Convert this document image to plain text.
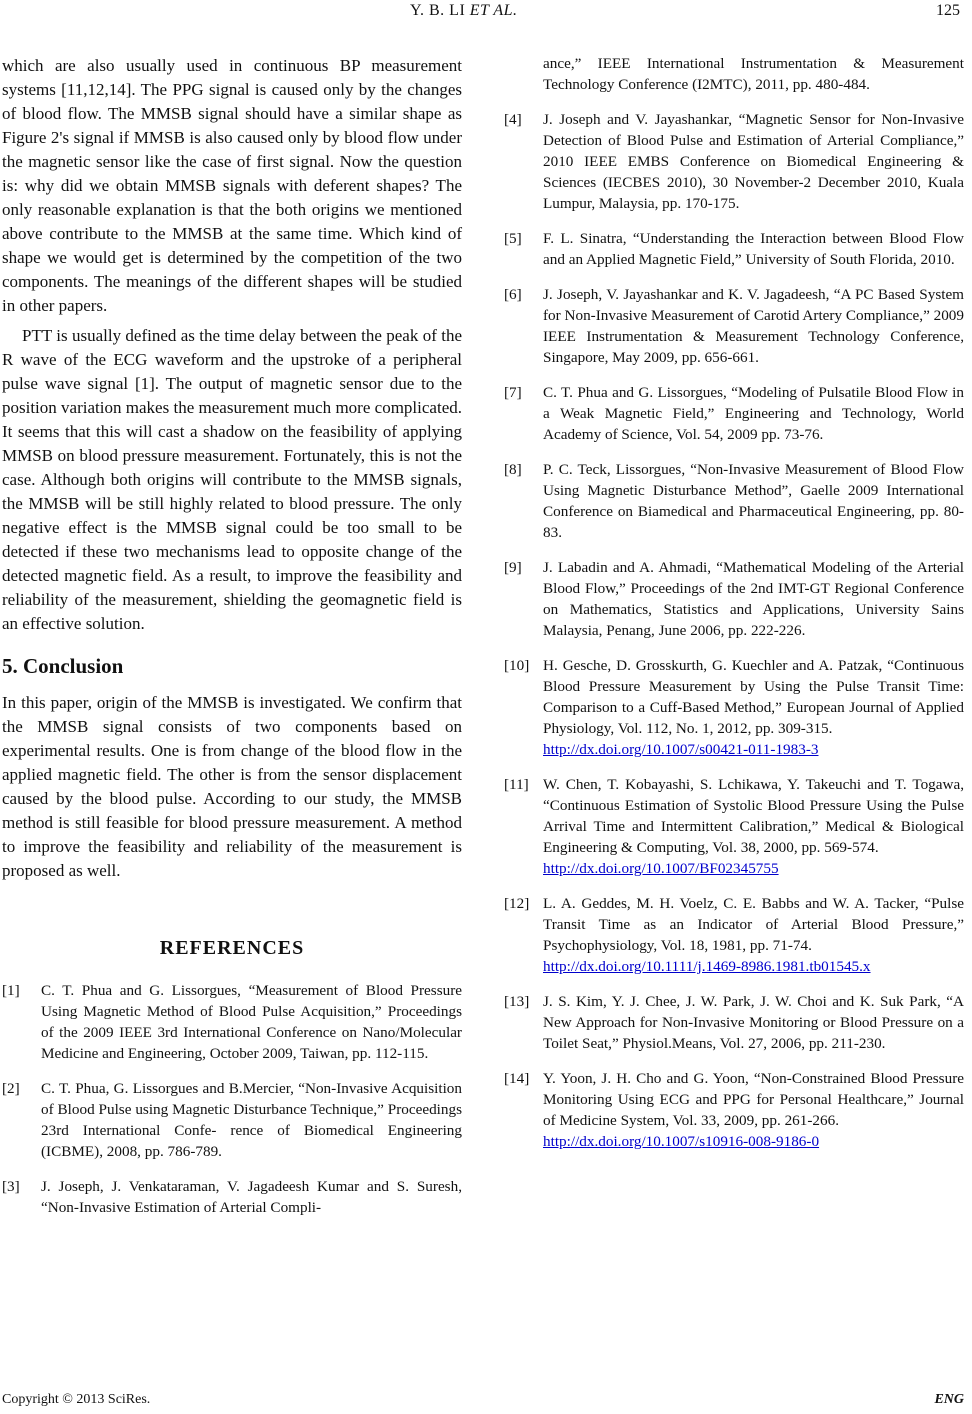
Y. B. LI ET AL.	125

which are also usually used in continuous BP measurement systems [11,12,14]. The PPG signal is caused only by the changes of blood flow. The MMSB signal should have a similar shape as Figure 2's signal if MMSB is also caused only by blood flow under the magnetic sensor like the case of first signal. Now the question is: why did we obtain MMSB signals with deferent shapes? The only reasonable explanation is that the both origins we mentioned above contribute to the MMSB at the same time. Which kind of shape we would get is determined by the competition of the two components. The meanings of the different shapes will be studied in other papers.

PTT is usually defined as the time delay between the peak of the R wave of the ECG waveform and the upstroke of a peripheral pulse wave signal [1]. The output of magnetic sensor due to the position variation makes the measurement much more complicated. It seems that this will cast a shadow on the feasibility of applying MMSB on blood pressure measurement. Fortunately, this is not the case. Although both origins will contribute to the MMSB signals, the MMSB will be still highly related to blood pressure. The only negative effect is the MMSB signal could be too small to be detected if these two mechanisms lead to opposite change of the detected magnetic field. As a result, to improve the feasibility and reliability of the measurement, shielding the geomagnetic field is an effective solution.

5. Conclusion

In this paper, origin of the MMSB is investigated. We confirm that the MMSB signal consists of two components based on experimental results. One is from change of the blood flow in the applied magnetic field. The other is from the sensor displacement caused by the blood pulse. According to our study, the MMSB method is still feasible for blood pressure measurement. A method to improve the feasibility and reliability of the measurement is proposed as well.

REFERENCES
[1]	C. T. Phua and G. Lissorgues, “Measurement of Blood Pressure Using Magnetic Method of Blood Pulse Acquisition,” Proceedings of the 2009 IEEE 3rd International Conference on Nano/Molecular Medicine and Engineering, October 2009, Taiwan, pp. 112-115.
[2]	C. T. Phua, G. Lissorgues and B.Mercier, “Non-Invasive Acquisition of Blood Pulse using Magnetic Disturbance Technique,” Proceedings 23rd International Confe- rence of Biomedical Engineering (ICBME), 2008, pp. 786-789.
[3]	J. Joseph, J. Venkataraman, V. Jagadeesh Kumar and S. Suresh, “Non-Invasive Estimation of Arterial Compli-
ance,” IEEE International Instrumentation & Measurement Technology Conference (I2MTC), 2011, pp. 480-484.
[4]	J. Joseph and V. Jayashankar, “Magnetic Sensor for Non-Invasive Detection of Blood Pulse and Estimation of Arterial Compliance,” 2010 IEEE EMBS Conference on Biomedical Engineering & Sciences (IECBES 2010), 30 November-2 December 2010, Kuala Lumpur, Malaysia, pp. 170-175.
[5]	F. L. Sinatra, “Understanding the Interaction between Blood Flow and an Applied Magnetic Field,” University of South Florida, 2010.
[6]	J. Joseph, V. Jayashankar and K. V. Jagadeesh, “A PC Based System for Non-Invasive Measurement of Carotid Artery Compliance,” 2009 IEEE Instrumentation & Measurement Technology Conference, Singapore, May 2009, pp. 656-661.
[7]	C. T. Phua and G. Lissorgues, “Modeling of Pulsatile Blood Flow in a Weak Magnetic Field,” Engineering and Technology, World Academy of Science, Vol. 54, 2009 pp. 73-76.
[8]	P. C. Teck, Lissorgues, “Non-Invasive Measurement of Blood Flow Using Magnetic Disturbance Method”, Gaelle 2009 International Conference on Biamedical and Pharmaceutical Engineering, pp. 80-83.
[9]	J. Labadin and A. Ahmadi, “Mathematical Modeling of the Arterial Blood Flow,” Proceedings of the 2nd IMT-GT Regional Conference on Mathematics, Statistics and Applications, University Sains Malaysia, Penang, June 2006, pp. 222-226.
[10] H. Gesche, D. Grosskurth, G. Kuechler and A. Patzak, “Continuous Blood Pressure Measurement by Using the Pulse Transit Time: Comparison to a Cuff-Based Method,” European Journal of Applied Physiology, Vol. 112, No. 1, 2012, pp. 309-315.
http://dx.doi.org/10.1007/s00421-011-1983-3
[11] W. Chen, T. Kobayashi, S. Lchikawa, Y. Takeuchi and T. Togawa, “Continuous Estimation of Systolic Blood Pressure Using the Pulse Arrival Time and Intermittent Calibration,” Medical & Biological Engineering & Computing, Vol. 38, 2000, pp. 569-574.
http://dx.doi.org/10.1007/BF02345755
[12] L. A. Geddes, M. H. Voelz, C. E. Babbs and W. A. Tacker, “Pulse Transit Time as an Indicator of Arterial Blood Pressure,” Psychophysiology, Vol. 18, 1981, pp. 71-74.
http://dx.doi.org/10.1111/j.1469-8986.1981.tb01545.x
[13] J. S. Kim, Y. J. Chee, J. W. Park, J. W. Choi and K. Suk Park, “A New Approach for Non-Invasive Monitoring or Blood Pressure on a Toilet Seat,” Physiol.Means, Vol. 27, 2006, pp. 211-230.
[14] Y. Yoon, J. H. Cho and G. Yoon, “Non-Constrained Blood Pressure Monitoring Using ECG and PPG for Personal Healthcare,” Journal of Medicine System, Vol. 33, 2009, pp. 261-266.
http://dx.doi.org/10.1007/s10916-008-9186-0
Copyright © 2013 SciRes.	ENG
